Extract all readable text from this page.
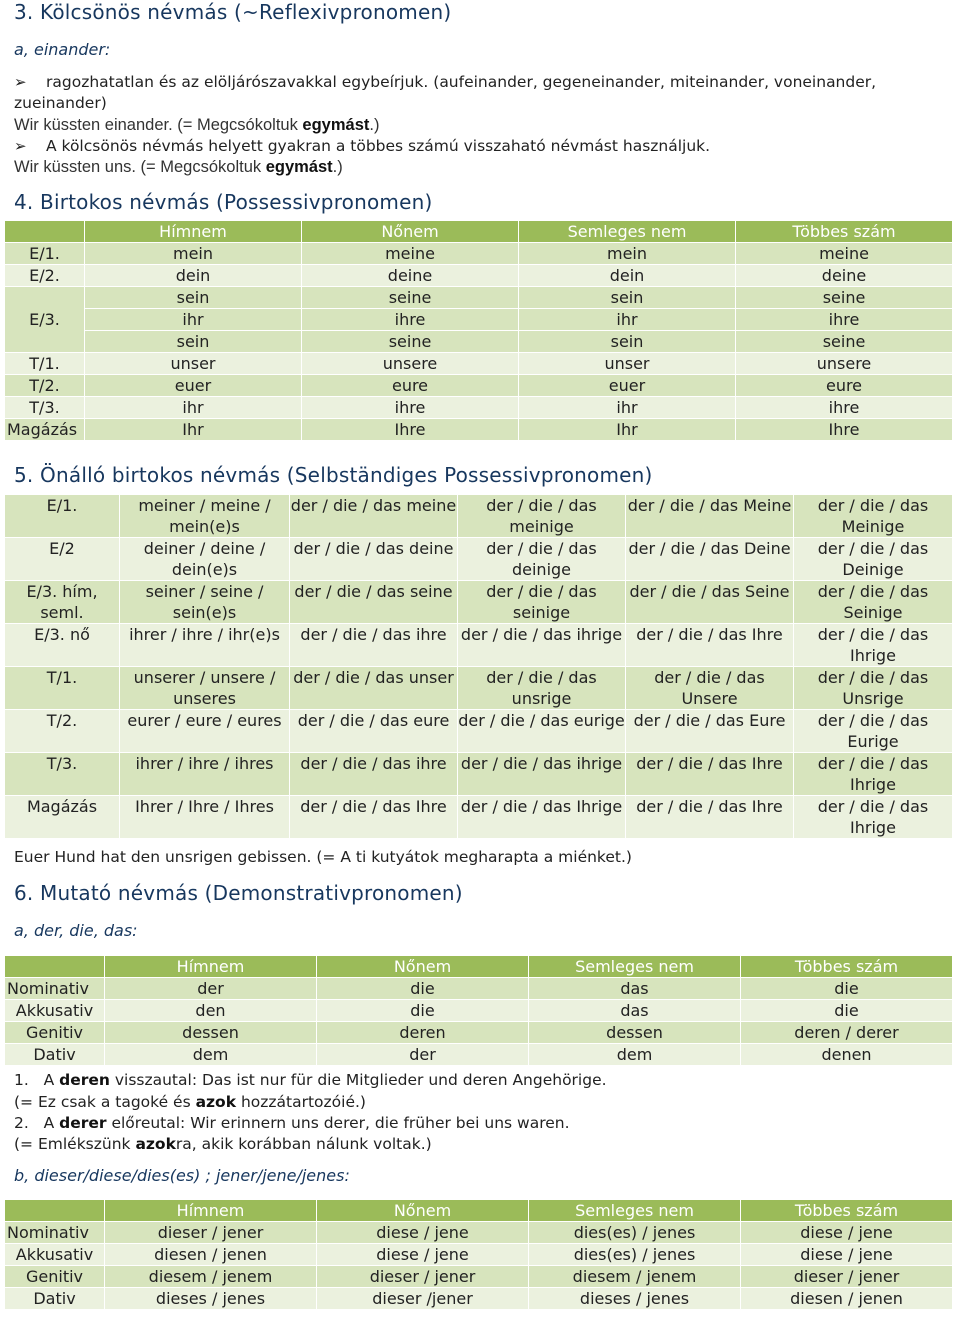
3. Kölcsönös névmás (~Reflexivpronomen)
a, einander:
➢ ragozhatatlan és az elöljárószavakkal egybeírjuk. (aufeinander, gegeneinander, miteinander, voneinander,
zueinander)
Wir küssten einander. (= Megcsókoltuk egymást.)
➢ A kölcsönös névmás helyett gyakran a többes számú visszaható névmást használjuk.
Wir küssten uns. (= Megcsókoltuk egymást.)
4. Birtokos névmás (Possessivpronomen)
	Hímnem	Nőnem	Semleges nem	Többes szám
E/1.	mein	meine	mein	meine
E/2.	dein	deine	dein	deine
E/3.	sein	seine	sein	seine
	ihr	ihre	ihr	ihre
	sein	seine	sein	seine
T/1.	unser	unsere	unser	unsere
T/2.	euer	eure	euer	eure
T/3.	ihr	ihre	ihr	ihre
Magázás	Ihr	Ihre	Ihr	Ihre
5. Önálló birtokos névmás (Selbständiges Possessivpronomen)
E/1.	meiner / meine / mein(e)s	der / die / das meine	der / die / das meinige	der / die / das Meine	der / die / das Meinige
E/2	deiner / deine / dein(e)s	der / die / das deine	der / die / das deinige	der / die / das Deine	der / die / das Deinige
E/3. hím, seml.	seiner / seine / sein(e)s	der / die / das seine	der / die / das seinige	der / die / das Seine	der / die / das Seinige
E/3. nő	ihrer / ihre / ihr(e)s	der / die / das ihre	der / die / das ihrige	der / die / das Ihre	der / die / das Ihrige
T/1.	unserer / unsere / unseres	der / die / das unser	der / die / das unsrige	der / die / das Unsere	der / die / das Unsrige
T/2.	eurer / eure / eures	der / die / das eure	der / die / das eurige	der / die / das Eure	der / die / das Eurige
T/3.	ihrer / ihre / ihres	der / die / das ihre	der / die / das ihrige	der / die / das Ihre	der / die / das Ihrige
Magázás	Ihrer / Ihre / Ihres	der / die / das Ihre	der / die / das Ihrige	der / die / das Ihre	der / die / das Ihrige
Euer Hund hat den unsrigen gebissen. (= A ti kutyátok megharapta a miénket.)
6. Mutató névmás (Demonstrativpronomen)
a, der, die, das:
	Hímnem	Nőnem	Semleges nem	Többes szám
Nominativ	der	die	das	die
Akkusativ	den	die	das	die
Genitiv	dessen	deren	dessen	deren / derer
Dativ	dem	der	dem	denen
1. A deren visszautal: Das ist nur für die Mitglieder und deren Angehörige.
(= Ez csak a tagoké és azok hozzátartozóié.)
2. A derer előreutal: Wir erinnern uns derer, die früher bei uns waren.
(= Emlékszünk azokra, akik korábban nálunk voltak.)
b, dieser/diese/dies(es) ; jener/jene/jenes:
	Hímnem	Nőnem	Semleges nem	Többes szám
Nominativ	dieser / jener	diese / jene	dies(es) / jenes	diese / jene
Akkusativ	diesen / jenen	diese / jene	dies(es) / jenes	diese / jene
Genitiv	diesem / jenem	dieser / jener	diesem / jenem	dieser / jener
Dativ	dieses / jenes	dieser /jener	dieses / jenes	diesen / jenen
